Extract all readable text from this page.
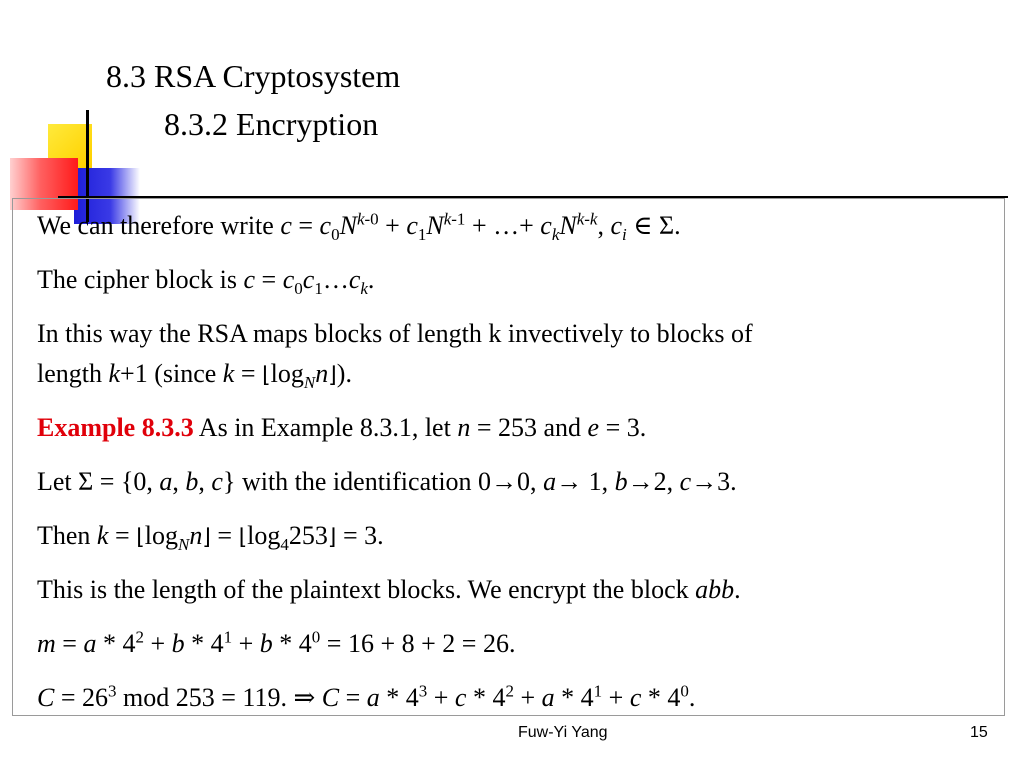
8.3 RSA Cryptosystem
8.3.2 Encryption
We can therefore write $c = c_0N^{k-0} + c_1N^{k-1}$ + …+ $c_kN^{k-k}$, $c_i$ ∈ Σ.
The cipher block is $c = c_0c_1\dots c_k$.
In this way the RSA maps blocks of length k invectively to blocks of
length k+1 (since $k = ⌊\log_Nn⌋$).
Example 8.3.3 As in Example 8.3.1, let n = 253 and e = 3.
Let Σ = {0, a, b, c} with the identification 0→0, a→ 1, b→2, c→3.
Then $k = ⌊\log_Nn⌋$ = $⌊\log_4253⌋ = 3$.
This is the length of the plaintext blocks. We encrypt the block abb.
$m = a * 4^2 + b * 4^1 + b * 4^0 = 16 + 8 + 2 = 26$.
$C = 26^3$ mod 253 = 119. ⇒ $C = a * 4^3 + c * 4^2 + a * 4^1 + c * 4^0$.
Fuw-Yi Yang	15
